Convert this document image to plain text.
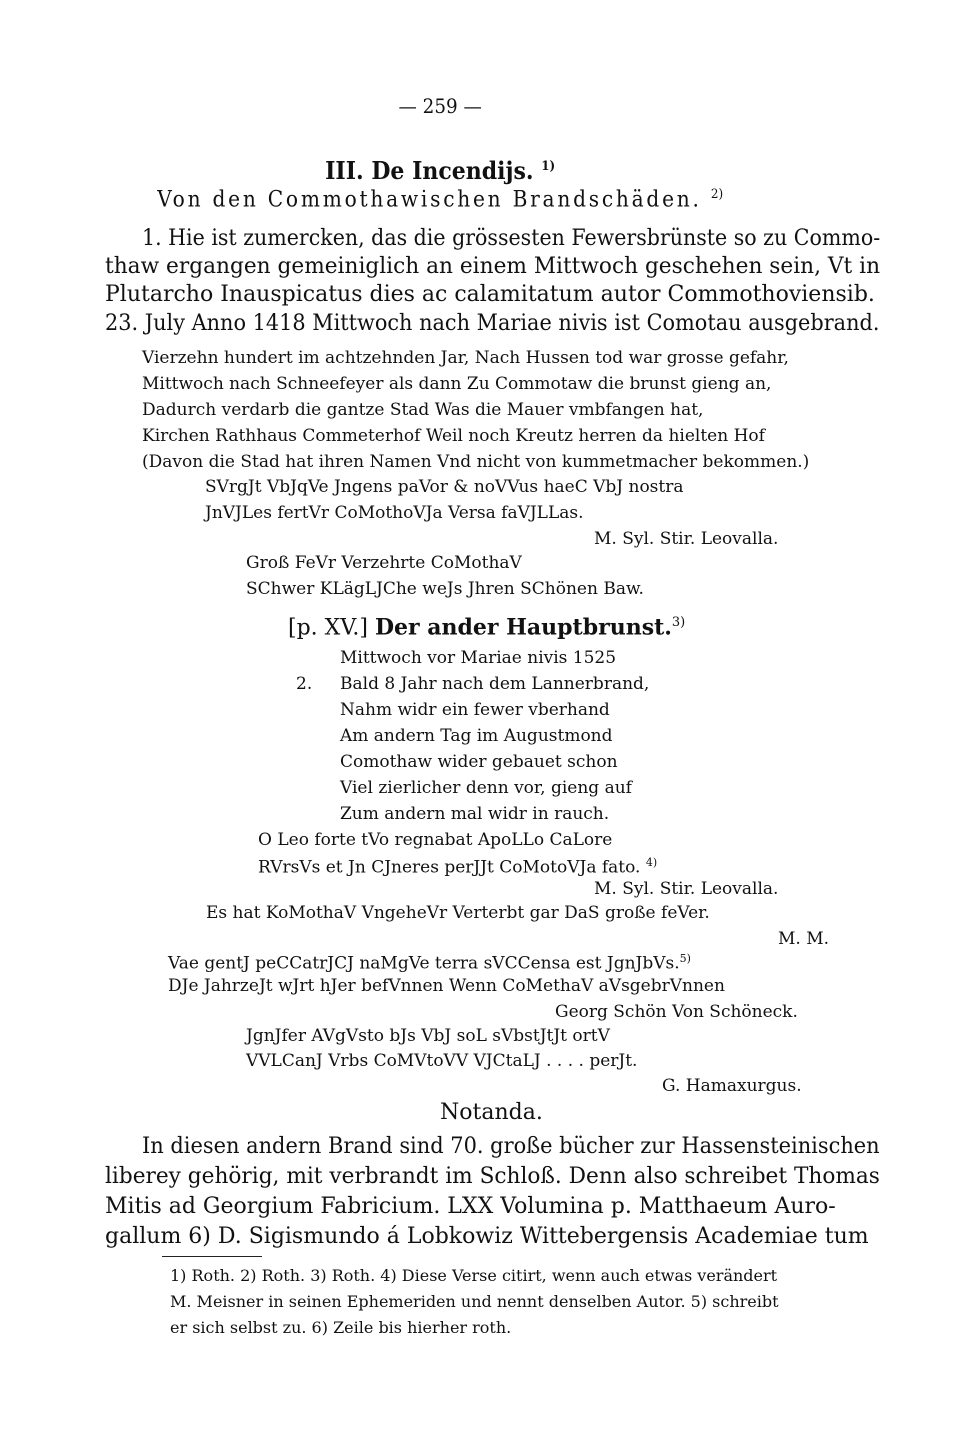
— 259 —
III. De Incendijs. $^{1)}$
Von den Commothawischen Brandschäden. $^{2)}$
1. Hie ist zumercken, das die grössesten Fewersbrünste so zu Commo-
thaw ergangen gemeiniglich an einem Mittwoch geschehen sein, Vt in
Plutarcho Inauspicatus dies ac calamitatum autor Commothoviensib.
23. July Anno 1418 Mittwoch nach Mariae nivis ist Comotau ausgebrand.
Vierzehn hundert im achtzehnden Jar, Nach Hussen tod war grosse gefahr,
Mittwoch nach Schneefeyer als dann Zu Commotaw die brunst gieng an,
Dadurch verdarb die gantze Stad Was die Mauer vmbfangen hat,
Kirchen Rathhaus Commeterhof Weil noch Kreutz herren da hielten Hof
(Davon die Stad hat ihren Namen Vnd nicht von kummetmacher bekommen.)
SVrgJt VbJqVe Jngens paVor & noVVus haeC VbJ nostra
JnVJLes fertVr CoMothoVJa Versa faVJLLas.
M. Syl. Stir. Leovalla.
Groß FeVr Verzehrte CoMothaV
SChwer KLägLJChe weJs Jhren SChönen Baw.
[p. XV.] Der ander Hauptbrunst.$^{3)}$
Mittwoch vor Mariae nivis 1525
2. Bald 8 Jahr nach dem Lannerbrand,
Nahm widr ein fewer vberhand
Am andern Tag im Augustmond
Comothaw wider gebauet schon
Viel zierlicher denn vor, gieng auf
Zum andern mal widr in rauch.
O Leo forte tVo regnabat ApoLLo CaLore
RVrsVs et Jn CJneres perJJt CoMotoVJa fato. $^{4)}$
M. Syl. Stir. Leovalla.
Es hat KoMothaV VngeheVr Verterbt gar DaS große feVer.
M. M.
Vae gentJ peCCatrJCJ naMgVe terra sVCCensa est JgnJbVs.$^{5)}$
DJe JahrzeJt wJrt hJer befVnnen Wenn CoMethaV aVsgebrVnnen
Georg Schön Von Schöneck.
JgnJfer AVgVsto bJs VbJ soL sVbstJtJt ortV
VVLCanJ Vrbs CoMVtoVV VJCtaLJ . . . . perJt.
G. Hamaxurgus.
Notanda.
In diesen andern Brand sind 70. große bücher zur Hassensteinischen
liberey gehörig, mit verbrandt im Schloß. Denn also schreibet Thomas
Mitis ad Georgium Fabricium. LXX Volumina p. Matthaeum Auro-
gallum 6) D. Sigismundo á Lobkowiz Wittebergensis Academiae tum
1) Roth. 2) Roth. 3) Roth. 4) Diese Verse citirt, wenn auch etwas verändert
M. Meisner in seinen Ephemeriden und nennt denselben Autor. 5) schreibt
er sich selbst zu. 6) Zeile bis hierher roth.
